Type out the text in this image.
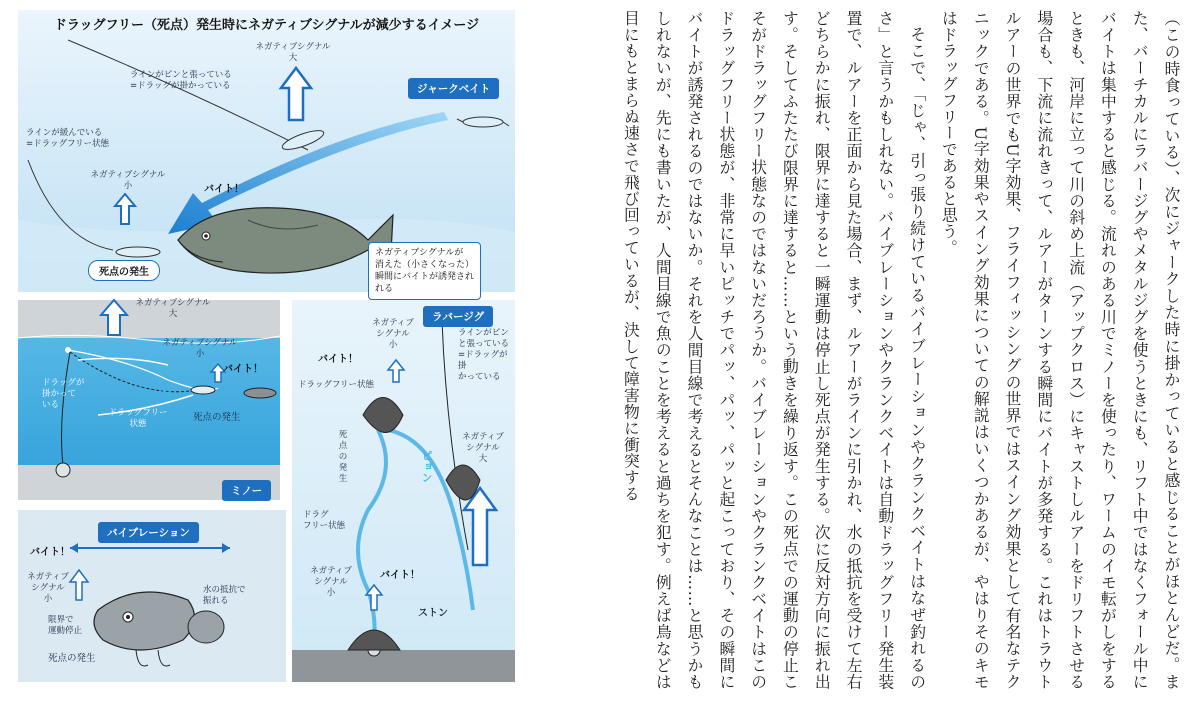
ドラッグフリー（死点）発生時にネガティブシグナルが減少するイメージ
ネガティブシグナル
大
ラインがピンと張っている
=ドラッグが掛かっている	ジャークベイト
ラインが緩んでいる
=ドラッグフリー状態
ネガティブシグナル
小	バイト！
ネガティブシグナルが
消えた（小さくなった）
瞬間にバイトが誘発され
れる
死点の発生
ネガティブシグナル
大
ネガティブシグナル
小
ドラッグが
掛かって
いる
ターン
バイト！
ドラッグフリー
状態
死点の発生
ミノー
ラバージグ
ラインがピン
と張っている
=ドラッグが掛
かっている
ネガティブ
シグナル
小
バイト！
ドラッグフリー状態
死
点
の
発
生	ピョン
ネガティブ
シグナル
大
ドラグ
フリー状態
ネガティブ
シグナル
小
バイト！
ストン
バイブレーション
バイト！
ネガティブ
シグナル
小
水の抵抗で
振れる
限界で
運動停止
死点の発生	（この時食っている）、次にジャークした時に掛かっていると感じることがほとんどだ。また、バーチカルにラバージグやメタルジグを使うときにも、リフト中ではなくフォール中にバイトは集中すると感じる。流れのある川でミノーを使ったり、ワームのイモ転がしをするときも、河岸に立って川の斜め上流（アップクロス）にキャストしルアーをドリフトさせる場合も、下流に流れきって、ルアーがターンする瞬間にバイトが多発する。これはトラウトルアーの世界でもU字効果、フライフィッシングの世界ではスイング効果として有名なテクニックである。U字効果やスイング効果についての解説はいくつかあるが、やはりそのキモはドラッグフリーであると思う。

そこで、「じゃ、引っ張り続けているバイブレーションやクランクベイトはなぜ釣れるのさ」と言うかもしれない。バイブレーションやクランクベイトは自動ドラッグフリー発生装置で、ルアーを正面から見た場合、まず、ルアーがラインに引かれ、水の抵抗を受けて左右どちらかに振れ、限界に達すると一瞬運動は停止し死点が発生する。次に反対方向に振れ出す。そしてふたたび限界に達すると……という動きを繰り返す。この死点での運動の停止こそがドラッグフリー状態なのではないだろうか。バイブレーションやクランクベイトはこのドラッグフリー状態が、非常に早いピッチでパッ、パッ、パッと起こっており、その瞬間にバイトが誘発されるのではないか。それを人間目線で考えるとそんなことは……と思うかもしれないが、先にも書いたが、人間目線で魚のことを考えると過ちを犯す。例えば鳥などは目にもとまらぬ速さで飛び回っているが、決して障害物に衝突する
